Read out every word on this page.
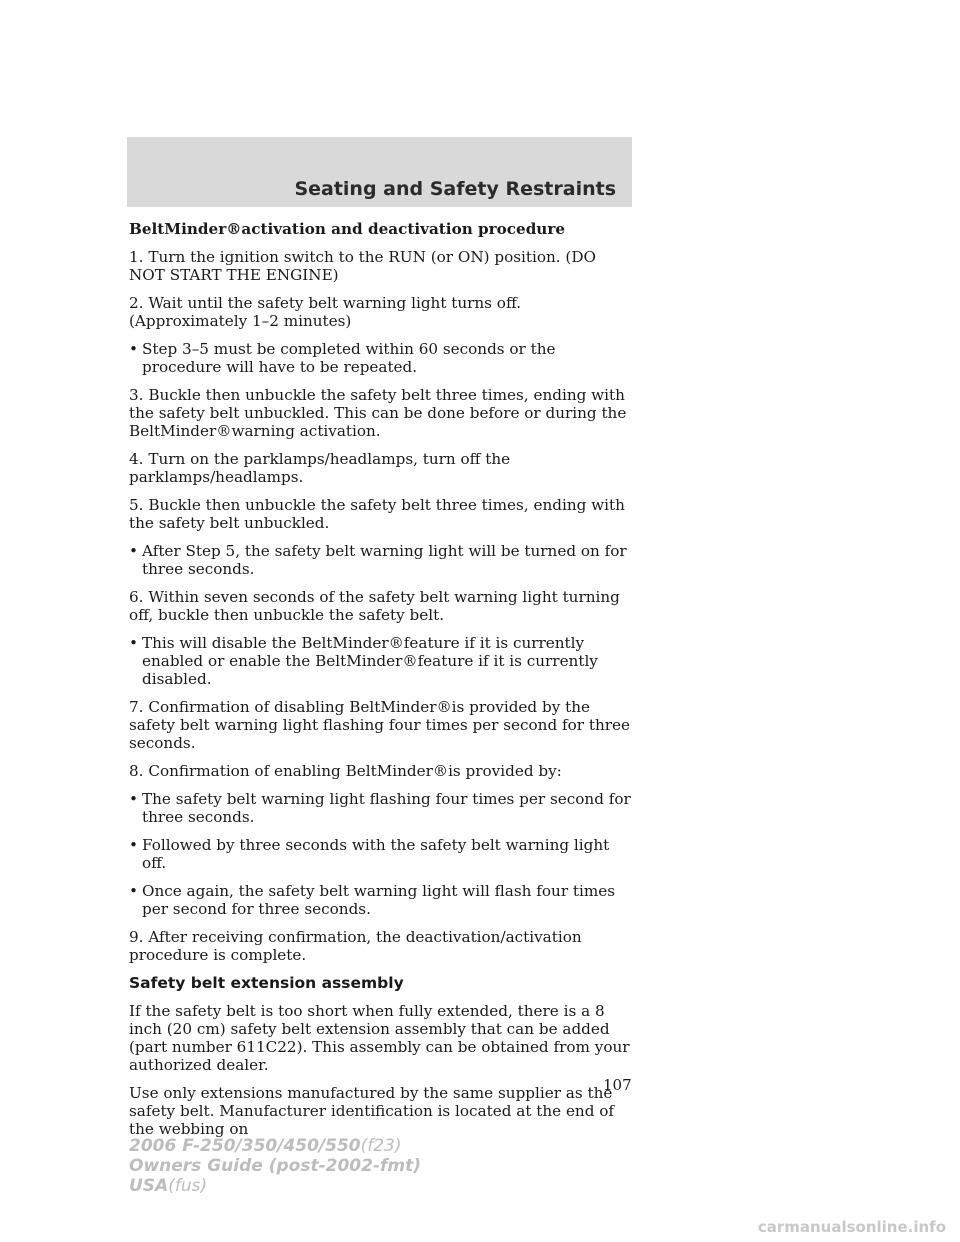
Seating and Safety Restraints

BeltMinder®activation and deactivation procedure

1. Turn the ignition switch to the RUN (or ON) position. (DO NOT START THE ENGINE)

2. Wait until the safety belt warning light turns off. (Approximately 1–2 minutes)

• Step 3–5 must be completed within 60 seconds or the procedure will have to be repeated.

3. Buckle then unbuckle the safety belt three times, ending with the safety belt unbuckled. This can be done before or during the BeltMinder®warning activation.

4. Turn on the parklamps/headlamps, turn off the parklamps/headlamps.

5. Buckle then unbuckle the safety belt three times, ending with the safety belt unbuckled.

• After Step 5, the safety belt warning light will be turned on for three seconds.

6. Within seven seconds of the safety belt warning light turning off, buckle then unbuckle the safety belt.

• This will disable the BeltMinder®feature if it is currently enabled or enable the BeltMinder®feature if it is currently disabled.

7. Confirmation of disabling BeltMinder®is provided by the safety belt warning light flashing four times per second for three seconds.

8. Confirmation of enabling BeltMinder®is provided by:

• The safety belt warning light flashing four times per second for three seconds.
• Followed by three seconds with the safety belt warning light off.
• Once again, the safety belt warning light will flash four times per second for three seconds.

9. After receiving confirmation, the deactivation/activation procedure is complete.

Safety belt extension assembly

If the safety belt is too short when fully extended, there is a 8 inch (20 cm) safety belt extension assembly that can be added (part number 611C22). This assembly can be obtained from your authorized dealer.

Use only extensions manufactured by the same supplier as the safety belt. Manufacturer identification is located at the end of the webbing on

107
2006 F-250/350/450/550(f23)
Owners Guide (post-2002-fmt)
USA(fus)
carmanualsonline.info
